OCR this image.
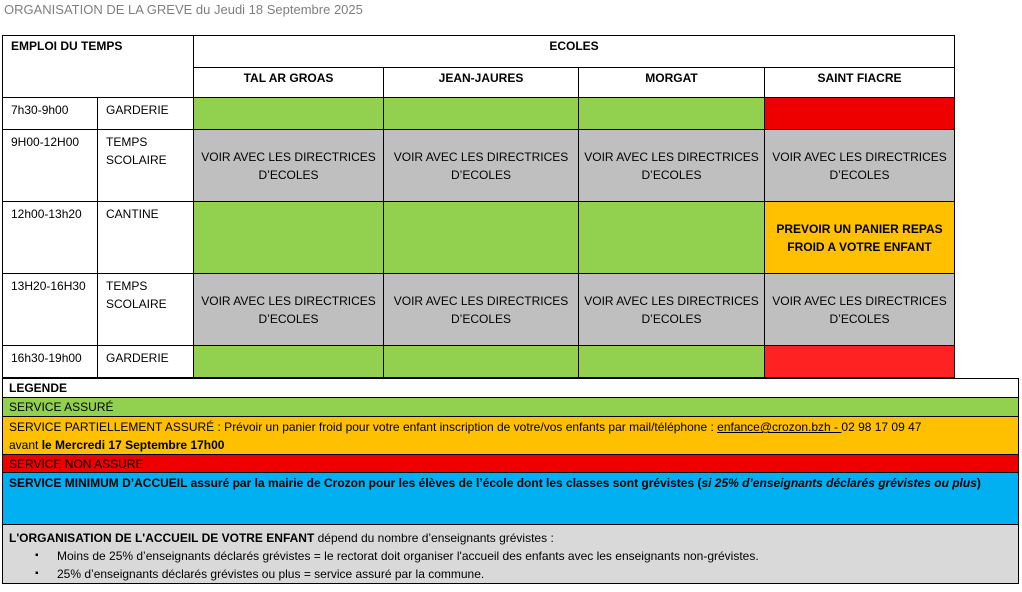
ORGANISATION DE LA GREVE du Jeudi 18 Septembre 2025
EMPLOI DU TEMPS		ECOLES			
		TAL AR GROAS	JEAN-JAURES	MORGAT	SAINT FIACRE
7h30-9h00	GARDERIE				
9H00-12H00	TEMPS SCOLAIRE	VOIR AVEC LES DIRECTRICES D’ECOLES	VOIR AVEC LES DIRECTRICES D’ECOLES	VOIR AVEC LES DIRECTRICES D’ECOLES	VOIR AVEC LES DIRECTRICES D’ECOLES
12h00-13h20	CANTINE				PREVOIR UN PANIER REPAS FROID A VOTRE ENFANT
13H20-16H30	TEMPS SCOLAIRE	VOIR AVEC LES DIRECTRICES D’ECOLES	VOIR AVEC LES DIRECTRICES D’ECOLES	VOIR AVEC LES DIRECTRICES D’ECOLES	VOIR AVEC LES DIRECTRICES D’ECOLES
16h30-19h00	GARDERIE				
LEGENDE
SERVICE ASSURÉ
SERVICE PARTIELLEMENT ASSURÉ : Prévoir un panier froid pour votre enfant inscription de votre/vos enfants par mail/téléphone : enfance@crozon.bzh - 02 98 17 09 47
avant le Mercredi 17 Septembre 17h00
SERVICE NON ASSURE
SERVICE MINIMUM D’ACCUEIL assuré par la mairie de Crozon pour les élèves de l’école dont les classes sont grévistes (si 25% d’enseignants déclarés grévistes ou plus)
L'ORGANISATION DE L'ACCUEIL DE VOTRE ENFANT dépend du nombre d’enseignants grévistes :
▪ Moins de 25% d’enseignants déclarés grévistes = le rectorat doit organiser l'accueil des enfants avec les enseignants non-grévistes.
▪ 25% d’enseignants déclarés grévistes ou plus = service assuré par la commune.
